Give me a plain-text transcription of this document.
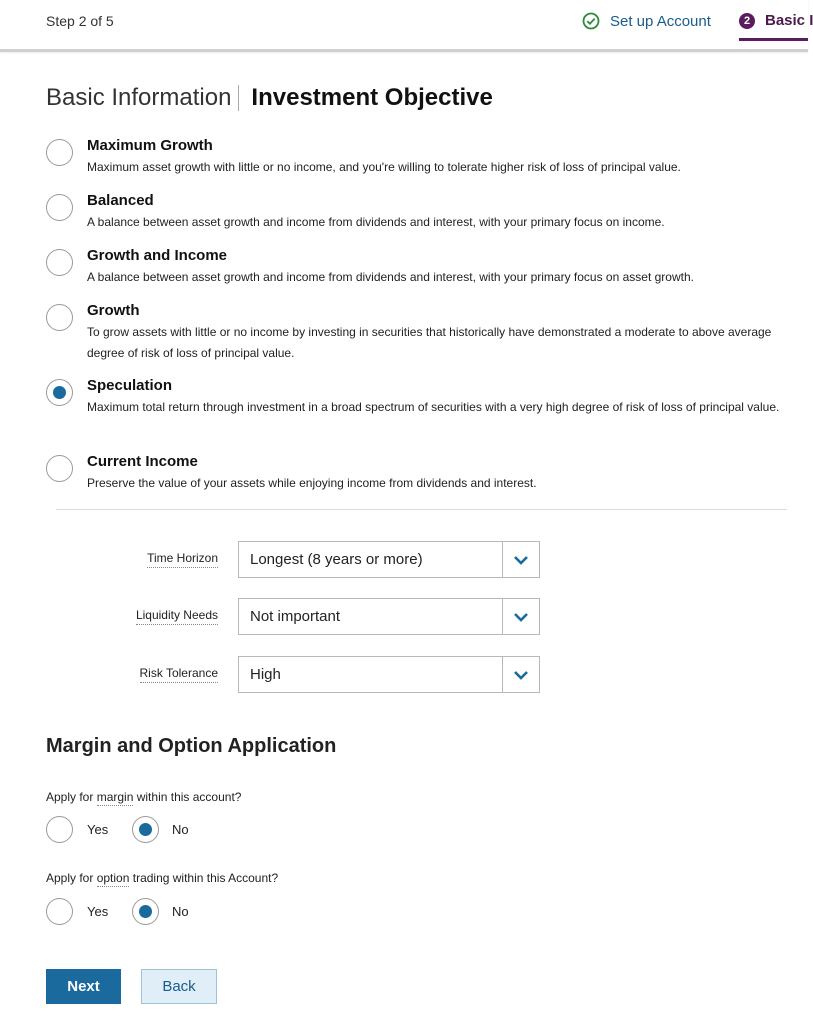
Step 2 of 5	Set up Account	2 Basic I
Basic Information Investment Objective
Maximum Growth
Maximum asset growth with little or no income, and you're willing to tolerate higher risk of loss of principal value.
Balanced
A balance between asset growth and income from dividends and interest, with your primary focus on income.
Growth and Income
A balance between asset growth and income from dividends and interest, with your primary focus on asset growth.
Growth
To grow assets with little or no income by investing in securities that historically have demonstrated a moderate to above average degree of risk of loss of principal value.
Speculation
Maximum total return through investment in a broad spectrum of securities with a very high degree of risk of loss of principal value.
Current Income
Preserve the value of your assets while enjoying income from dividends and interest.
Time Horizon Longest (8 years or more)
Liquidity Needs Not important
Risk Tolerance High
Margin and Option Application
Apply for margin within this account?
Yes	No
Apply for option trading within this Account?
Yes	No
Next	Back
